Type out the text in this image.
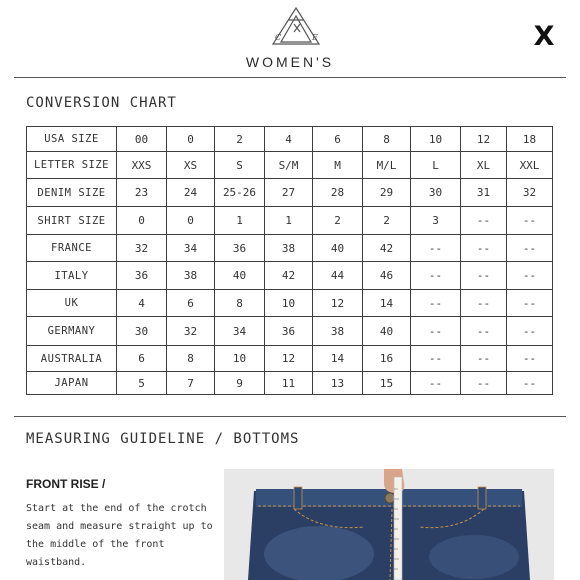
C	E
WOMEN'S
X
CONVERSION CHART
USA SIZE	00	0	2	4	6	8	10	12	18
LETTER SIZE	XXS	XS	S	S/M	M	M/L	L	XL	XXL
DENIM SIZE	23	24	25-26	27	28	29	30	31	32
SHIRT SIZE	0	0	1	1	2	2	3	--	--
FRANCE	32	34	36	38	40	42	--	--	--
ITALY	36	38	40	42	44	46	--	--	--
UK	4	6	8	10	12	14	--	--	--
GERMANY	30	32	34	36	38	40	--	--	--
AUSTRALIA	6	8	10	12	14	16	--	--	--
JAPAN	5	7	9	11	13	15	--	--	--
MEASURING GUIDELINE / BOTTOMS
FRONT RISE /
Start at the end of the crotch
seam and measure straight up to
the middle of the front waistband.
